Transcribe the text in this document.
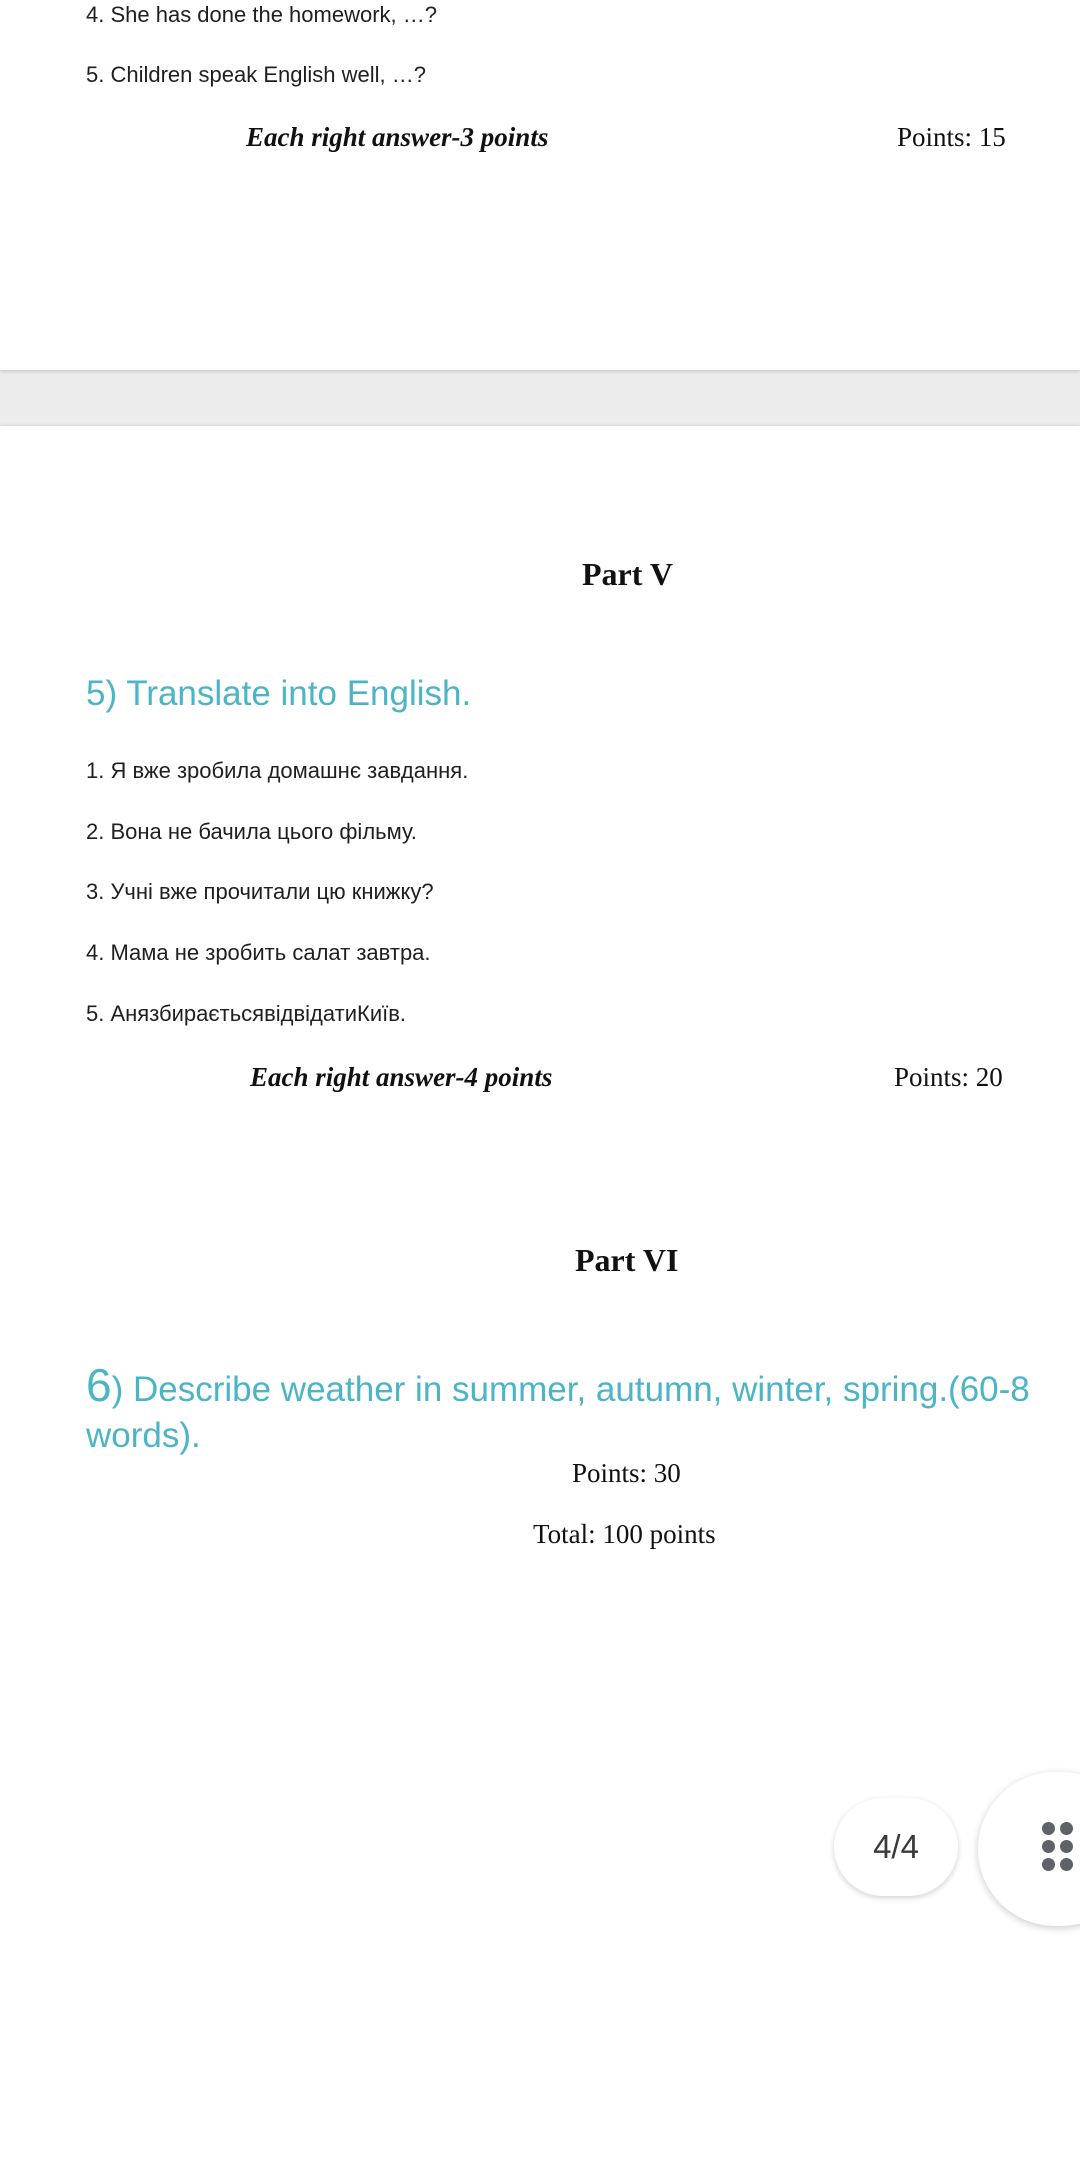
4. She has done the homework, …?
5. Children speak English well, …?
Each right answer-3 points	Points: 15
Part V
5) Translate into English.
1. Я вже зробила домашнє завдання.
2. Вона не бачила цього фільму.
3. Учні вже прочитали цю книжку?
4. Мама не зробить салат завтра.
5. АнязбираєтьсявідвідатиКиїв.
Each right answer-4 points	Points: 20
Part VI
6) Describe weather in summer, autumn, winter, spring.(60-8
words).
Points: 30
Total: 100 points
4/4
